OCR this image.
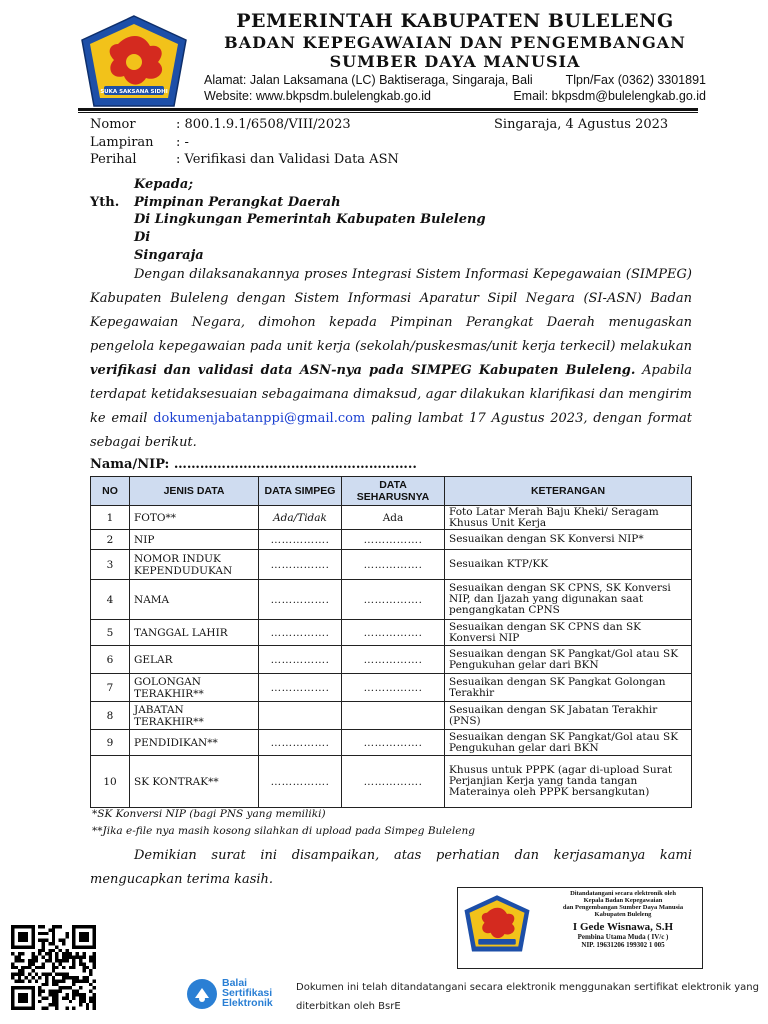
SUKA SAKSANA SIDHI
PEMERINTAH KABUPATEN BULELENG
BADAN KEPEGAWAIAN DAN PENGEMBANGAN
SUMBER DAYA MANUSIA
Alamat: Jalan Laksamana (LC) Baktiseraga, Singaraja, Bali	Tlpn/Fax (0362) 3301891
Website: www.bkpsdm.bulelengkab.go.id	Email: bkpsdm@bulelengkab.go.id
Nomor	: 800.1.9.1/6508/VIII/2023
Lampiran : -
Perihal	: Verifikasi dan Validasi Data ASN
Singaraja, 4 Agustus 2023
Kepada;
Yth. Pimpinan Perangkat Daerah
Di Lingkungan Pemerintah Kabupaten Buleleng
Di
Singaraja
Dengan dilaksanakannya proses Integrasi Sistem Informasi Kepegawaian (SIMPEG) Kabupaten Buleleng dengan Sistem Informasi Aparatur Sipil Negara (SI-ASN) Badan Kepegawaian Negara, dimohon kepada Pimpinan Perangkat Daerah menugaskan pengelola kepegawaian pada unit kerja (sekolah/puskesmas/unit kerja terkecil) melakukan verifikasi dan validasi data ASN-nya pada SIMPEG Kabupaten Buleleng. Apabila terdapat ketidaksesuaian sebagaimana dimaksud, agar dilakukan klarifikasi dan mengirim ke email dokumenjabatanppi@gmail.com paling lambat 17 Agustus 2023, dengan format sebagai berikut.
Nama/NIP: ………………………………………………..
NO	JENIS DATA	DATA SIMPEG	DATA SEHARUSNYA	KETERANGAN
1	FOTO**	Ada/Tidak	Ada	Foto Latar Merah Baju Kheki/ Seragam Khusus Unit Kerja
2	NIP	…………….	…………….	Sesuaikan dengan SK Konversi NIP*
3	NOMOR INDUK KEPENDUDUKAN	…………….	…………….	Sesuaikan KTP/KK
4	NAMA	…………….	…………….	Sesuaikan dengan SK CPNS, SK Konversi NIP, dan Ijazah yang digunakan saat pengangkatan CPNS
5	TANGGAL LAHIR	…………….	…………….	Sesuaikan dengan SK CPNS dan SK Konversi NIP
6	GELAR	…………….	…………….	Sesuaikan dengan SK Pangkat/Gol atau SK Pengukuhan gelar dari BKN
7	GOLONGAN TERAKHIR**	…………….	…………….	Sesuaikan dengan SK Pangkat Golongan Terakhir
8	JABATAN TERAKHIR**			Sesuaikan dengan SK Jabatan Terakhir (PNS)
9	PENDIDIKAN**	…………….	…………….	Sesuaikan dengan SK Pangkat/Gol atau SK Pengukuhan gelar dari BKN
10	SK KONTRAK**	…………….	…………….	Khusus untuk PPPK (agar di-upload Surat Perjanjian Kerja yang tanda tangan Materainya oleh PPPK bersangkutan)
*SK Konversi NIP (bagi PNS yang memiliki)
**Jika e-file nya masih kosong silahkan di upload pada Simpeg Buleleng
Demikian surat ini disampaikan, atas perhatian dan kerjasamanya kami mengucapkan terima kasih.
Ditandatangani secara elektronik oleh
Kepala Badan Kepegawaian
dan Pengembangan Sumber Daya Manusia
Kabupaten Buleleng
I Gede Wisnawa, S.H
Pembina Utama Muda ( IV/c )
NIP. 19631206 199302 1 005
Balai
Sertifikasi
Elektronik
Dokumen ini telah ditandatangani secara elektronik menggunakan sertifikat elektronik yang
diterbitkan oleh BsrE
